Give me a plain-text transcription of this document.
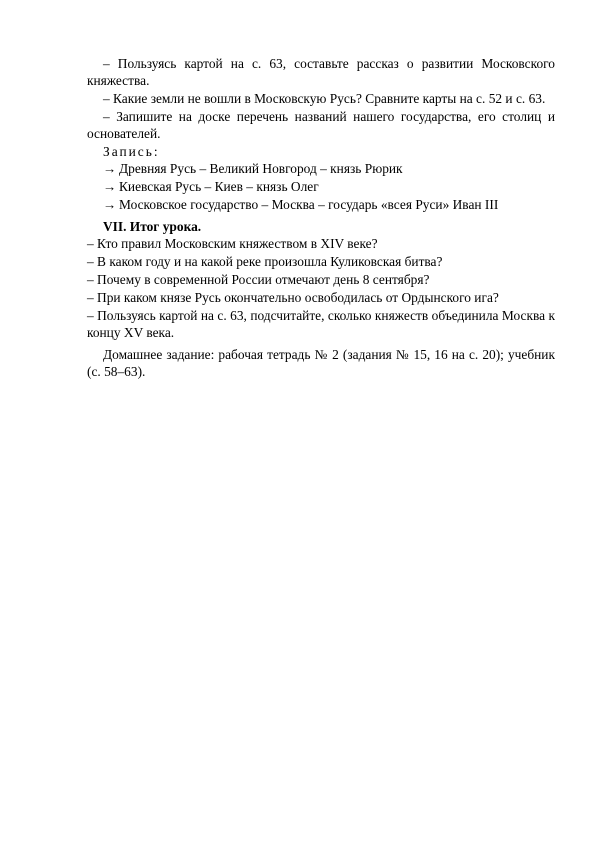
– Пользуясь картой на с. 63, составьте рассказ о развитии Московского княжества.

– Какие земли не вошли в Московскую Русь? Сравните карты на с. 52 и с. 63.

– Запишите на доске перечень названий нашего государства, его столиц и основателей.

Запись:

→ Древняя Русь – Великий Новгород – князь Рюрик

→ Киевская Русь – Киев – князь Олег

→ Московское государство – Москва – государь «всея Руси» Иван III

VII. Итог урока.

– Кто правил Московским княжеством в XIV веке?

– В каком году и на какой реке произошла Куликовская битва?

– Почему в современной России отмечают день 8 сентября?

– При каком князе Русь окончательно освободилась от Ордынского ига?

– Пользуясь картой на с. 63, подсчитайте, сколько княжеств объединила Москва к концу XV века.

Домашнее задание: рабочая тетрадь № 2 (задания № 15, 16 на с. 20); учебник (с. 58–63).
